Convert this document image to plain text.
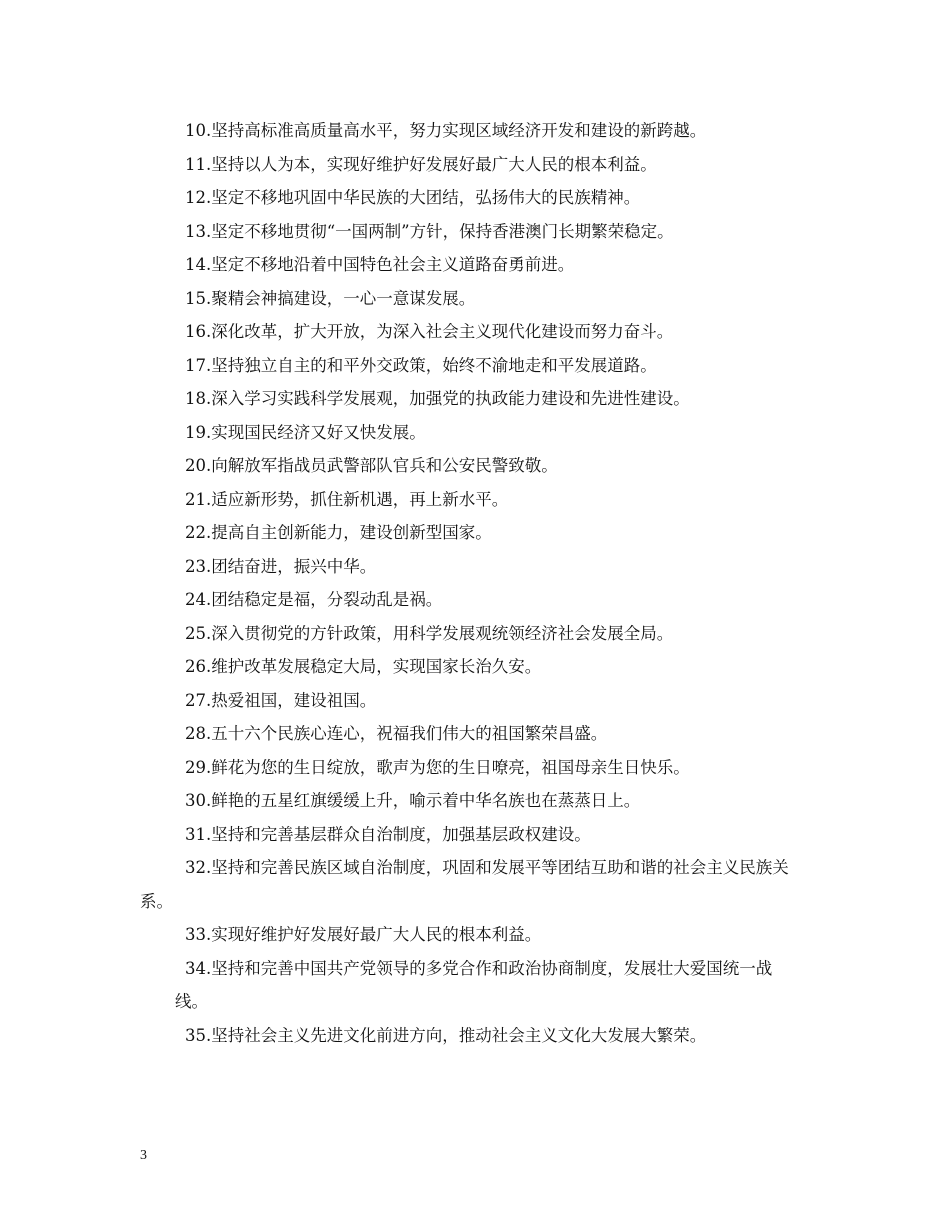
10.坚持高标准高质量高水平，努力实现区域经济开发和建设的新跨越。

11.坚持以人为本，实现好维护好发展好最广大人民的根本利益。

12.坚定不移地巩固中华民族的大团结，弘扬伟大的民族精神。

13.坚定不移地贯彻“一国两制”方针，保持香港澳门长期繁荣稳定。

14.坚定不移地沿着中国特色社会主义道路奋勇前进。

15.聚精会神搞建设，一心一意谋发展。

16.深化改革，扩大开放，为深入社会主义现代化建设而努力奋斗。

17.坚持独立自主的和平外交政策，始终不渝地走和平发展道路。

18.深入学习实践科学发展观，加强党的执政能力建设和先进性建设。

19.实现国民经济又好又快发展。

20.向解放军指战员武警部队官兵和公安民警致敬。

21.适应新形势，抓住新机遇，再上新水平。

22.提高自主创新能力，建设创新型国家。

23.团结奋进，振兴中华。

24.团结稳定是福，分裂动乱是祸。

25.深入贯彻党的方针政策，用科学发展观统领经济社会发展全局。

26.维护改革发展稳定大局，实现国家长治久安。

27.热爱祖国，建设祖国。

28.五十六个民族心连心，祝福我们伟大的祖国繁荣昌盛。

29.鲜花为您的生日绽放，歌声为您的生日嘹亮，祖国母亲生日快乐。

30.鲜艳的五星红旗缓缓上升，喻示着中华名族也在蒸蒸日上。

31.坚持和完善基层群众自治制度，加强基层政权建设。

32.坚持和完善民族区域自治制度，巩固和发展平等团结互助和谐的社会主义民族关系。

33.实现好维护好发展好最广大人民的根本利益。

34.坚持和完善中国共产党领导的多党合作和政治协商制度，发展壮大爱国统一战

线。

35.坚持社会主义先进文化前进方向，推动社会主义文化大发展大繁荣。

3
